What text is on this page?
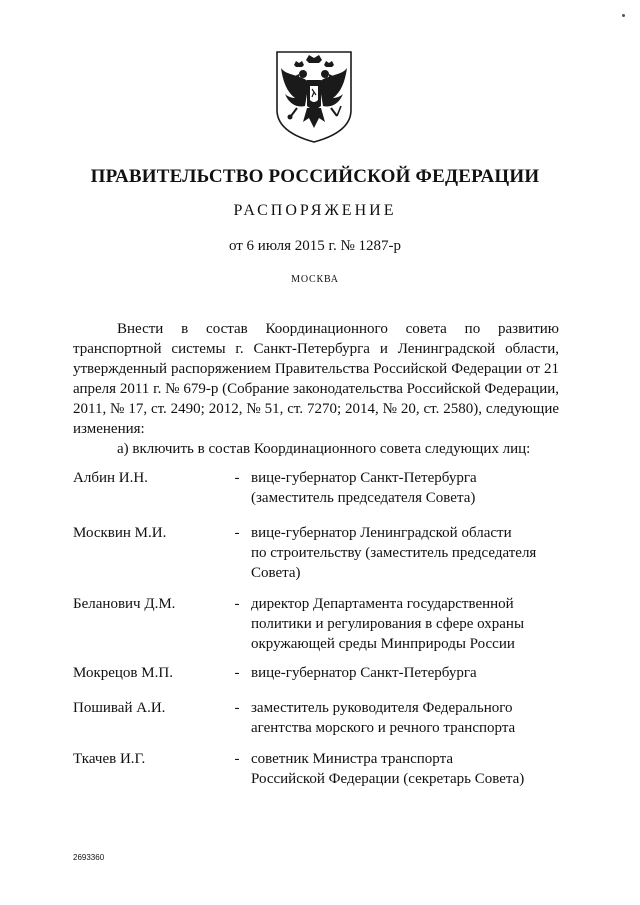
ПРАВИТЕЛЬСТВО РОССИЙСКОЙ ФЕДЕРАЦИИ
РАСПОРЯЖЕНИЕ
от 6 июля 2015 г. № 1287-р
МОСКВА

Внести в состав Координационного совета по развитию транспортной системы г. Санкт-Петербурга и Ленинградской области, утвержденный распоряжением Правительства Российской Федерации от 21 апреля 2011 г. № 679-р (Собрание законодательства Российской Федерации, 2011, № 17, ст. 2490; 2012, № 51, ст. 7270; 2014, № 20, ст. 2580), следующие изменения:

а) включить в состав Координационного совета следующих лиц:

Албин И.Н.	- вице-губернатор Санкт-Петербурга
(заместитель председателя Совета)
Москвин М.И.	- вице-губернатор Ленинградской области
по строительству (заместитель председателя
Совета)
Беланович Д.М.	- директор Департамента государственной
политики и регулирования в сфере охраны
окружающей среды Минприроды России
Мокрецов М.П.	- вице-губернатор Санкт-Петербурга
Пошивай А.И.	- заместитель руководителя Федерального
агентства морского и речного транспорта
Ткачев И.Г.	- советник Министра транспорта
Российской Федерации (секретарь Совета)
2693360
